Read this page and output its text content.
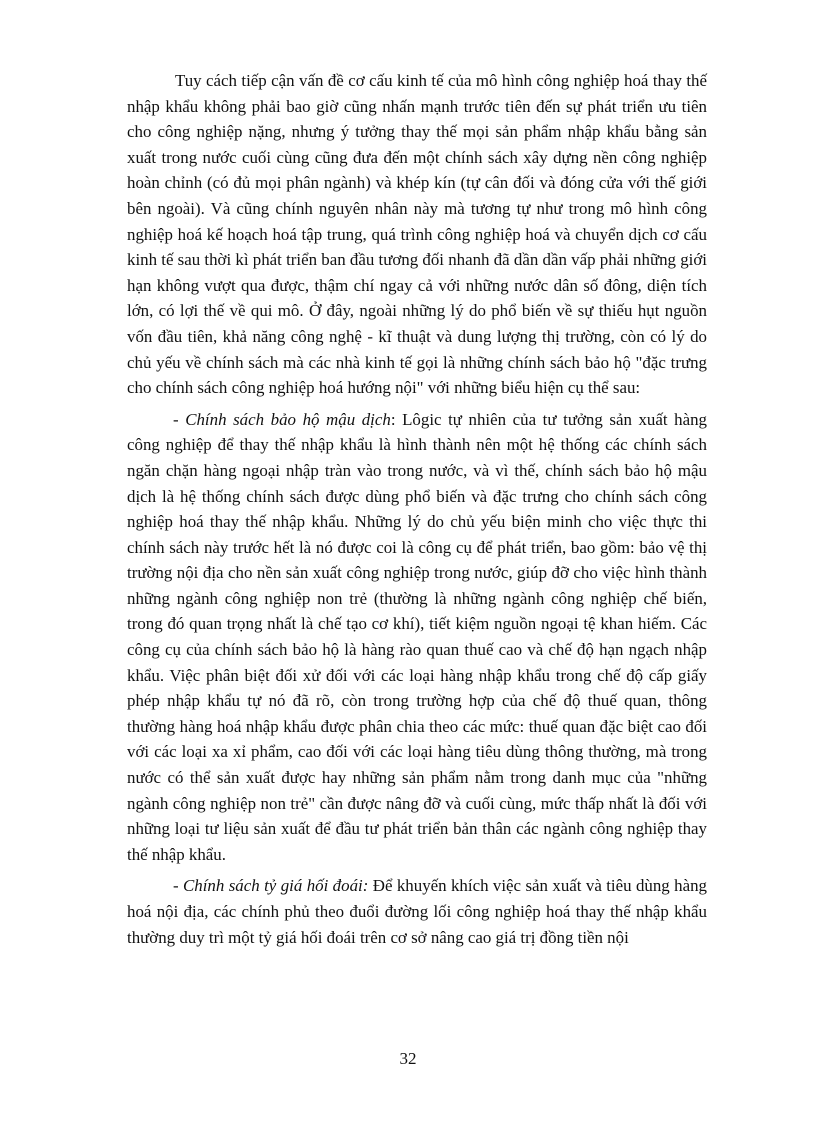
Tuy cách tiếp cận vấn đề cơ cấu kinh tế của mô hình công nghiệp hoá thay thế nhập khẩu không phải bao giờ cũng nhấn mạnh trước tiên đến sự phát triển ưu tiên cho công nghiệp nặng, nhưng ý tưởng thay thế mọi sản phẩm nhập khẩu bằng sản xuất trong nước cuối cùng cũng đưa đến một chính sách xây dựng nền công nghiệp hoàn chỉnh (có đủ mọi phân ngành) và khép kín (tự cân đối và đóng cửa với thế giới bên ngoài). Và cũng chính nguyên nhân này mà tương tự như trong mô hình công nghiệp hoá kế hoạch hoá tập trung, quá trình công nghiệp hoá và chuyển dịch cơ cấu kinh tế sau thời kì phát triển ban đầu tương đối nhanh đã dần dần vấp phải những giới hạn không vượt qua được, thậm chí ngay cả với những nước dân số đông, diện tích lớn, có lợi thế về qui mô. Ở đây, ngoài những lý do phổ biến về sự thiếu hụt nguồn vốn đầu tiên, khả năng công nghệ - kĩ thuật và dung lượng thị trường, còn có lý do chủ yếu về chính sách mà các nhà kinh tế gọi là những chính sách bảo hộ "đặc trưng cho chính sách công nghiệp hoá hướng nội" với những biểu hiện cụ thể sau:

- Chính sách bảo hộ mậu dịch: Lôgic tự nhiên của tư tưởng sản xuất hàng công nghiệp để thay thế nhập khẩu là hình thành nên một hệ thống các chính sách ngăn chặn hàng ngoại nhập tràn vào trong nước, và vì thế, chính sách bảo hộ mậu dịch là hệ thống chính sách được dùng phổ biến và đặc trưng cho chính sách công nghiệp hoá thay thế nhập khẩu. Những lý do chủ yếu biện minh cho việc thực thi chính sách này trước hết là nó được coi là công cụ để phát triển, bao gồm: bảo vệ thị trường nội địa cho nền sản xuất công nghiệp trong nước, giúp đỡ cho việc hình thành những ngành công nghiệp non trẻ (thường là những ngành công nghiệp chế biến, trong đó quan trọng nhất là chế tạo cơ khí), tiết kiệm nguồn ngoại tệ khan hiếm. Các công cụ của chính sách bảo hộ là hàng rào quan thuế cao và chế độ hạn ngạch nhập khẩu. Việc phân biệt đối xử đối với các loại hàng nhập khẩu trong chế độ cấp giấy phép nhập khẩu tự nó đã rõ, còn trong trường hợp của chế độ thuế quan, thông thường hàng hoá nhập khẩu được phân chia theo các mức: thuế quan đặc biệt cao đối với các loại xa xỉ phẩm, cao đối với các loại hàng tiêu dùng thông thường, mà trong nước có thể sản xuất được hay những sản phẩm nằm trong danh mục của "những ngành công nghiệp non trẻ" cần được nâng đỡ và cuối cùng, mức thấp nhất là đối với những loại tư liệu sản xuất để đầu tư phát triển bản thân các ngành công nghiệp thay thế nhập khẩu.

- Chính sách tỷ giá hối đoái: Để khuyến khích việc sản xuất và tiêu dùng hàng hoá nội địa, các chính phủ theo đuổi đường lối công nghiệp hoá thay thế nhập khẩu thường duy trì một tỷ giá hối đoái trên cơ sở nâng cao giá trị đồng tiền nội

32
